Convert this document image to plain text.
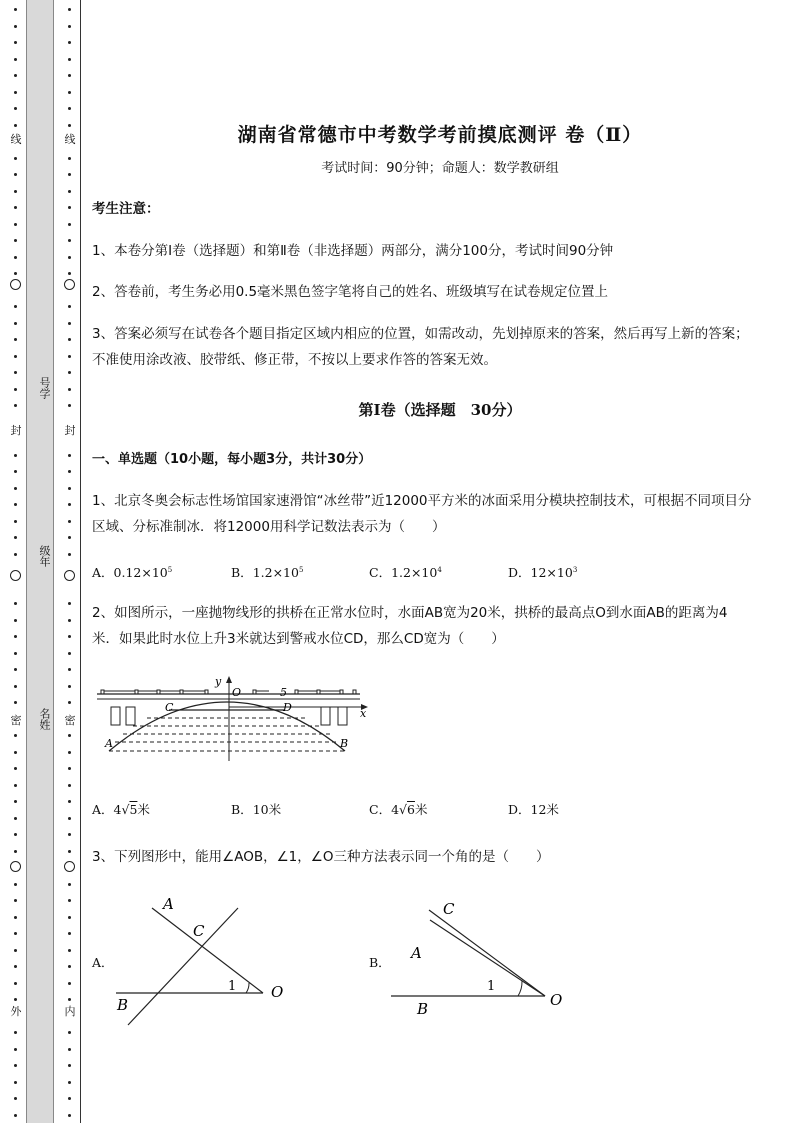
线
封
密
外
线
封
密
内
号学
级年
名姓
湖南省常德市中考数学考前摸底测评 卷（Ⅱ）
考试时间：90分钟；命题人：数学教研组
考生注意：
1、本卷分第I卷（选择题）和第Ⅱ卷（非选择题）两部分，满分100分，考试时间90分钟
2、答卷前，考生务必用0.5毫米黑色签字笔将自己的姓名、班级填写在试卷规定位置上
3、答案必须写在试卷各个题目指定区域内相应的位置，如需改动，先划掉原来的答案，然后再写上新的答案；不准使用涂改液、胶带纸、修正带，不按以上要求作答的答案无效。
第I卷（选择题　30分）
一、单选题（10小题，每小题3分，共计30分）
1、北京冬奥会标志性场馆国家速滑馆“冰丝带”近12000平方米的冰面采用分模块控制技术，可根据不同项目分区域、分标准制冰．将12000用科学记数法表示为（　　）
A．$0.12\times 10^5$	B．$1.2\times 10^5$	C．$1.2\times 10^4$	D．$12\times 10^3$
2、如图所示，一座抛物线形的拱桥在正常水位时，水面AB宽为20米，拱桥的最高点O到水面AB的距离为4米．如果此时水位上升3米就达到警戒水位CD，那么CD宽为（　　）
y
O	5
C	D	x
A	B
A．4√5米	B．10米	C．4√6米	D．12米
3、下列图形中，能用∠AOB，∠1，∠O三种方法表示同一个角的是（　　）
A．
A
C
B
O
1
B．
C
A
B	O
1
